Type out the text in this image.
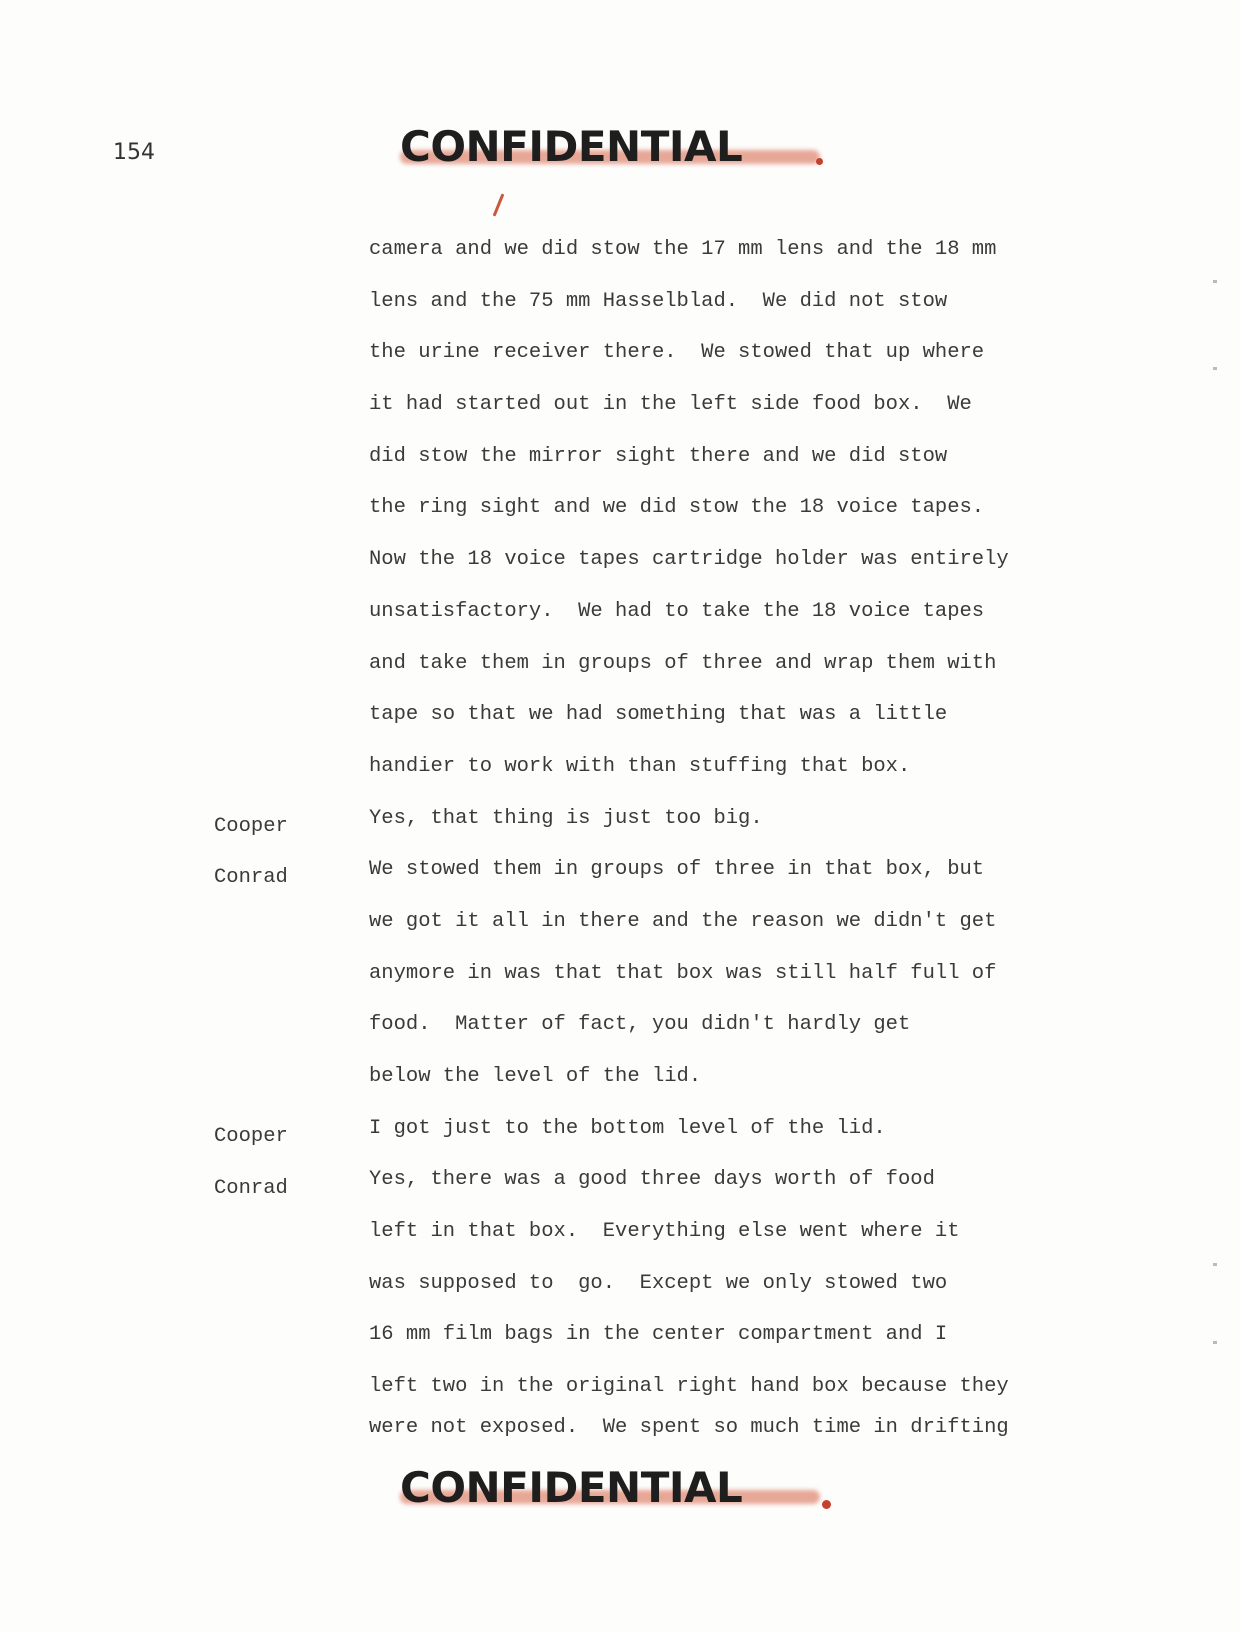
154	CONFIDENTIAL
camera and we did stow the 17 mm lens and the 18 mm
lens and the 75 mm Hasselblad.  We did not stow
the urine receiver there.  We stowed that up where
it had started out in the left side food box.  We
did stow the mirror sight there and we did stow
the ring sight and we did stow the 18 voice tapes.
Now the 18 voice tapes cartridge holder was entirely
unsatisfactory.  We had to take the 18 voice tapes
and take them in groups of three and wrap them with
tape so that we had something that was a little
handier to work with than stuffing that box.
Yes, that thing is just too big.
We stowed them in groups of three in that box, but
we got it all in there and the reason we didn't get
anymore in was that that box was still half full of
food.  Matter of fact, you didn't hardly get
below the level of the lid.
I got just to the bottom level of the lid.
Yes, there was a good three days worth of food
left in that box.  Everything else went where it
was supposed to  go.  Except we only stowed two
16 mm film bags in the center compartment and I
left two in the original right hand box because they
were not exposed.  We spent so much time in drifting
Cooper
Conrad
Cooper
Conrad
CONFIDENTIAL
